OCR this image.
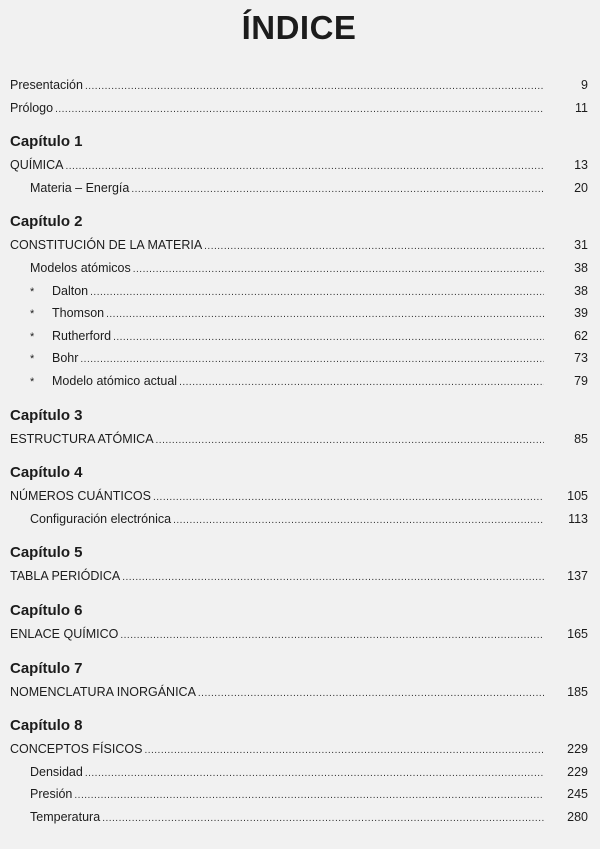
ÍNDICE
Presentación .....	9
Prólogo .....	11
Capítulo 1
QUÍMICA .....	13
Materia – Energía .....	20
Capítulo 2
CONSTITUCIÓN DE LA MATERIA .....	31
Modelos atómicos .....	38
* Dalton .....	38
* Thomson .....	39
* Rutherford .....	62
* Bohr .....	73
* Modelo atómico actual .....	79
Capítulo 3
ESTRUCTURA ATÓMICA .....	85
Capítulo 4
NÚMEROS CUÁNTICOS .....	105
Configuración electrónica .....	113
Capítulo 5
TABLA PERIÓDICA .....	137
Capítulo 6
ENLACE QUÍMICO .....	165
Capítulo 7
NOMENCLATURA INORGÁNICA .....	185
Capítulo 8
CONCEPTOS FÍSICOS .....	229
Densidad .....	229
Presión .....	245
Temperatura .....	280
